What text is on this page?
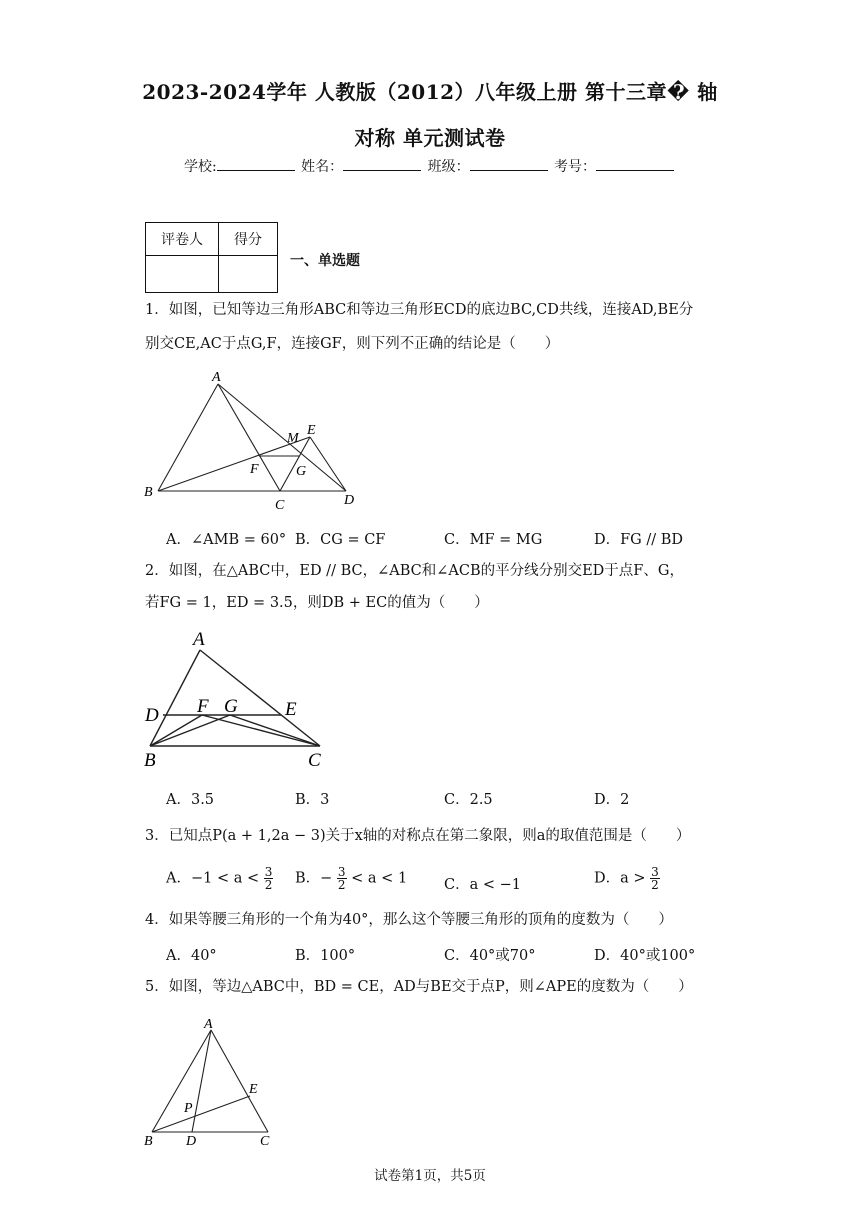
2023-2024学年 人教版（2012）八年级上册 第十三章� 轴
对称 单元测试卷
学校:	姓名：	班级：	考号：
评卷人	得分

一、单选题
1．如图，已知等边三角形ABC和等边三角形ECD的底边BC,CD共线，连接AD,BE分
别交CE,AC于点G,F，连接GF，则下列不正确的结论是（　　）
A
B
C	D
E
M
F	G
A．∠AMB = 60° B．CG = CF	C．MF = MG	D．FG // BD
2．如图，在△ABC中，ED // BC，∠ABC和∠ACB的平分线分别交ED于点F、G，
若FG = 1，ED = 3.5，则DB + EC的值为（　　）
A
D F G E
B	C
A．3.5	B．3	C．2.5	D．2
3．已知点P(a + 1,2a − 3)关于x轴的对称点在第二象限，则a的取值范围是（　　）
A．$-1 < a < \frac{3}{2}$ B．− $\frac{3}{2} < a < 1$	C．a < −1	D．$a > \frac{3}{2}$
4．如果等腰三角形的一个角为40°，那么这个等腰三角形的顶角的度数为（　　）
A．40°	B．100°	C．40°或70°	D．40°或100°
5．如图，等边△ABC中，BD = CE，AD与BE交于点P，则∠APE的度数为（　　）
A
E
P
B D	C
试卷第1页，共5页
